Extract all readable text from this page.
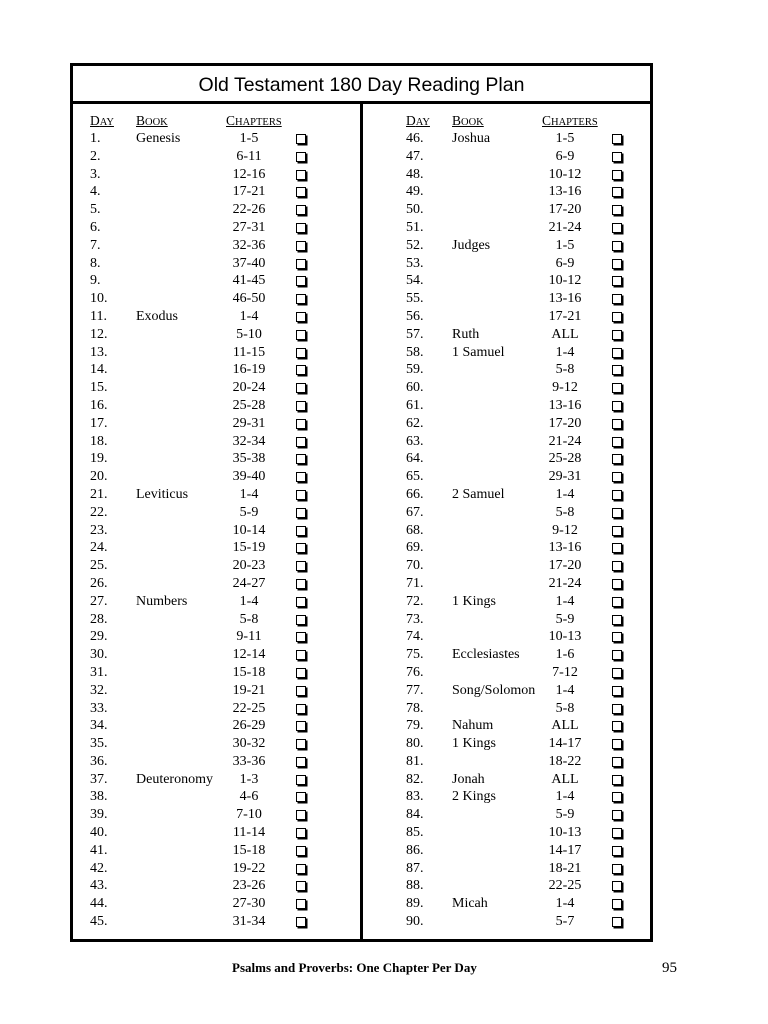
Old Testament 180 Day Reading Plan
DAY BOOK	CHAPTERS
1.	Genesis	1-5
2.	6-11
3.	12-16
4.	17-21
5.	22-26
6.	27-31
7.	32-36
8.	37-40
9.	41-45
10.	46-50
11. Exodus	1-4
12.	5-10
13.	11-15
14.	16-19
15.	20-24
16.	25-28
17.	29-31
18.	32-34
19.	35-38
20.	39-40
21. Leviticus	1-4
22.	5-9
23.	10-14
24.	15-19
25.	20-23
26.	24-27
27. Numbers	1-4
28.	5-8
29.	9-11
30.	12-14
31.	15-18
32.	19-21
33.	22-25
34.	26-29
35.	30-32
36.	33-36
37. Deuteronomy	1-3
38.	4-6
39.	7-10
40.	11-14
41.	15-18
42.	19-22
43.	23-26
44.	27-30
45.	31-34
DAY BOOK	CHAPTERS
46. Joshua	1-5
47.	6-9
48.	10-12
49.	13-16
50.	17-20
51.	21-24
52. Judges	1-5
53.	6-9
54.	10-12
55.	13-16
56.	17-21
57. Ruth	ALL
58. 1 Samuel	1-4
59.	5-8
60.	9-12
61.	13-16
62.	17-20
63.	21-24
64.	25-28
65.	29-31
66. 2 Samuel	1-4
67.	5-8
68.	9-12
69.	13-16
70.	17-20
71.	21-24
72. 1 Kings	1-4
73.	5-9
74.	10-13
75. Ecclesiastes	1-6
76.	7-12
77. Song/Solomon	1-4
78.	5-8
79. Nahum	ALL
80. 1 Kings	14-17
81.	18-22
82. Jonah	ALL
83. 2 Kings	1-4
84.	5-9
85.	10-13
86.	14-17
87.	18-21
88.	22-25
89. Micah	1-4
90.	5-7
Psalms and Proverbs: One Chapter Per Day	95
